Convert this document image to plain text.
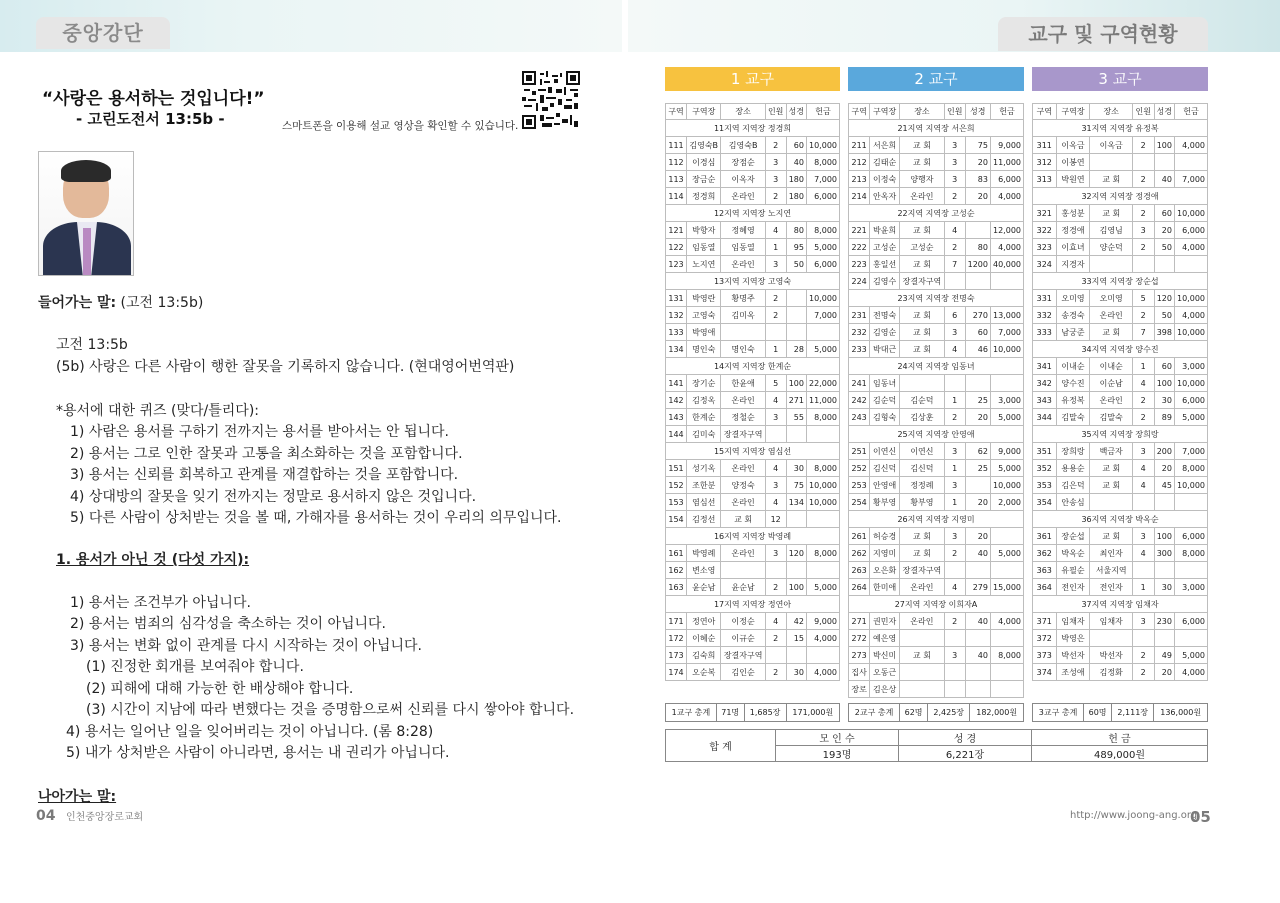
중앙강단	교구 및 구역현황
“사랑은 용서하는 것입니다!”
- 고린도전서 13:5b -	스마트폰을 이용해 설교 영상을 확인할 수 있습니다.
들어가는 말: (고전 13:5b)
고전 13:5b
(5b) 사랑은 다른 사람이 행한 잘못을 기록하지 않습니다. (현대영어번역판)
*용서에 대한 퀴즈 (맞다/틀리다):
1) 사람은 용서를 구하기 전까지는 용서를 받아서는 안 됩니다.
2) 용서는 그로 인한 잘못과 고통을 최소화하는 것을 포함합니다.
3) 용서는 신뢰를 회복하고 관계를 재결합하는 것을 포함합니다.
4) 상대방의 잘못을 잊기 전까지는 정말로 용서하지 않은 것입니다.
5) 다른 사람이 상처받는 것을 볼 때, 가해자를 용서하는 것이 우리의 의무입니다.
1. 용서가 아닌 것 (다섯 가지):
1) 용서는 조건부가 아닙니다.
2) 용서는 범죄의 심각성을 축소하는 것이 아닙니다.
3) 용서는 변화 없이 관계를 다시 시작하는 것이 아닙니다.
(1) 진정한 회개를 보여줘야 합니다.
(2) 피해에 대해 가능한 한 배상해야 합니다.
(3) 시간이 지남에 따라 변했다는 것을 증명함으로써 신뢰를 다시 쌓아야 합니다.
4) 용서는 일어난 일을 잊어버리는 것이 아닙니다. (롬 8:28)
5) 내가 상처받은 사람이 아니라면, 용서는 내 권리가 아닙니다.
나아가는 말:
04 인천중앙장로교회	http://www.joong-ang.org
05
1 교구	2 교구	3 교구
구역	구역장	장소	인원	성경	헌금
11지역 지역장 정경희					
111	김영숙B	김영숙B	2	60	10,000
112	이경심	장점순	3	40	8,000
113	장금순	이옥자	3	180	7,000
114	정경희	온라인	2	180	6,000
12지역 지역장 노지연					
121	박향자	정혜영	4	80	8,000
122	임동열	임동열	1	95	5,000
123	노지연	온라인	3	50	6,000
13지역 지역장 고영숙					
131	박영란	황명주	2		10,000
132	고영숙	김미옥	2		7,000
133	박영애				
134	명인숙	명인숙	1	28	5,000
14지역 지역장 한계순					
141	장기순	한윤애	5	100	22,000
142	김정옥	온라인	4	271	11,000
143	한계순	정철순	3	55	8,000
144	김미숙	장결자구역			
15지역 지역장 염심선					
151	성기옥	온라인	4	30	8,000
152	조한분	양정숙	3	75	10,000
153	염심선	온라인	4	134	10,000
154	김정선	교 회	12		
16지역 지역장 박영례					
161	박영례	온라인	3	120	8,000
162	변소영				
163	윤순남	윤순남	2	100	5,000
17지역 지역장 정연아					
171	정연아	이정순	4	42	9,000
172	이혜순	이규순	2	15	4,000
173	김숙희	장결자구역			
174	오순복	김인순	2	30	4,000
구역	구역장	장소	인원	성경	헌금
21지역 지역장 서은희					
211	서은희	교 회	3	75	9,000
212	김태순	교 회	3	20	11,000
213	이정숙	양행자	3	83	6,000
214	안옥자	온라인	2	20	4,000
22지역 지역장 고성순					
221	박윤희	교 회	4		12,000
222	고성순	고성순	2	80	4,000
223	홍일선	교 회	7	1200	40,000
224	김영수	장결자구역			
23지역 지역장 전명숙					
231	전명숙	교 회	6	270	13,000
232	김영순	교 회	3	60	7,000
233	박대근	교 회	4	46	10,000
24지역 지역장 임동녀					
241	임동녀				
242	김순덕	김순덕	1	25	3,000
243	김형숙	김상훈	2	20	5,000
25지역 지역장 안영애					
251	이연신	이연신	3	62	9,000
252	김신덕	김신덕	1	25	5,000
253	안영애	정정례	3		10,000
254	황부영	황부영	1	20	2,000
26지역 지역장 지영미					
261	허승경	교 회	3	20	
262	지영미	교 회	2	40	5,000
263	오은화	장결자구역			
264	한미애	온라인	4	279	15,000
27지역 지역장 이희자A					
271	권민자	온라인	2	40	4,000
272	예은영				
273	박신미	교 회	3	40	8,000
집사	오동근				
장로	김은상				
구역	구역장	장소	인원	성경	헌금
31지역 지역장 유정복					
311	이옥금	이옥금	2	100	4,000
312	이봉연				
313	박원연	교 회	2	40	7,000
32지역 지역장 정경애					
321	홍성분	교 회	2	60	10,000
322	정경애	김영님	3	20	6,000
323	이효녀	양순덕	2	50	4,000
324	지경자				
33지역 지역장 장순섭					
331	오미영	오미영	5	120	10,000
332	송경숙	온라인	2	50	4,000
333	남궁준	교 회	7	398	10,000
34지역 지역장 양수진					
341	이내순	이내순	1	60	3,000
342	양수진	이순남	4	100	10,000
343	유정복	온라인	2	30	6,000
344	김말숙	김말숙	2	89	5,000
35지역 지역장 장희랑					
351	장희랑	백금자	3	200	7,000
352	용용순	교 회	4	20	8,000
353	김은덕	교 회	4	45	10,000
354	안송심				
36지역 지역장 박옥순					
361	장순섭	교 회	3	100	6,000
362	박옥순	최인자	4	300	8,000
363	유필순	서울지역			
364	전인자	전인자	1	30	3,000
37지역 지역장 임채자					
371	임채자	임채자	3	230	6,000
372	박영은				
373	박선자	박선자	2	49	5,000
374	조성애	김정화	2	20	4,000
1교구 총계	71명	1,685장	171,000원	2교구 총계	62명	2,425장	182,000원	3교구 총계	60명	2,111장	136,000원
합 계	모 인 수	성 경	헌 금
	193명	6,221장	489,000원
